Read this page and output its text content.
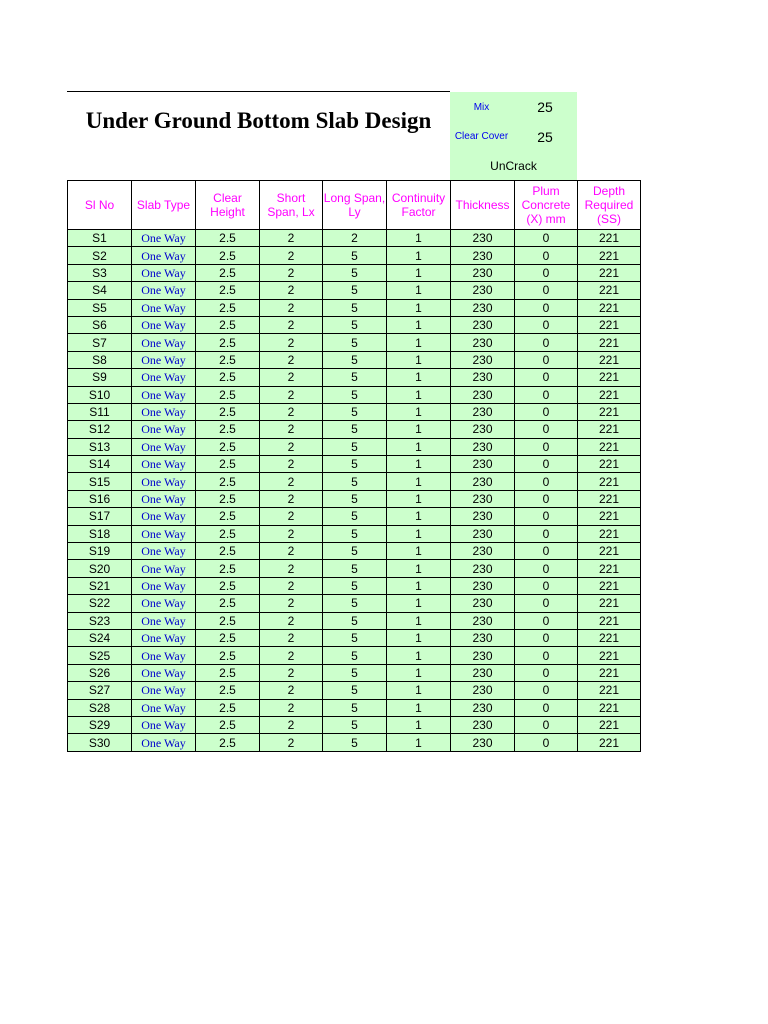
Under Ground Bottom Slab Design
Mix	25
Clear Cover	25
UnCrack
Sl No	Slab Type	Clear Height	Short Span, Lx	Long Span, Ly	Continuity Factor	Thickness	Plum Concrete (X) mm	Depth Required (SS)
S1	One Way	2.5	2	2	1	230	0	221
S2	One Way	2.5	2	5	1	230	0	221
S3	One Way	2.5	2	5	1	230	0	221
S4	One Way	2.5	2	5	1	230	0	221
S5	One Way	2.5	2	5	1	230	0	221
S6	One Way	2.5	2	5	1	230	0	221
S7	One Way	2.5	2	5	1	230	0	221
S8	One Way	2.5	2	5	1	230	0	221
S9	One Way	2.5	2	5	1	230	0	221
S10	One Way	2.5	2	5	1	230	0	221
S11	One Way	2.5	2	5	1	230	0	221
S12	One Way	2.5	2	5	1	230	0	221
S13	One Way	2.5	2	5	1	230	0	221
S14	One Way	2.5	2	5	1	230	0	221
S15	One Way	2.5	2	5	1	230	0	221
S16	One Way	2.5	2	5	1	230	0	221
S17	One Way	2.5	2	5	1	230	0	221
S18	One Way	2.5	2	5	1	230	0	221
S19	One Way	2.5	2	5	1	230	0	221
S20	One Way	2.5	2	5	1	230	0	221
S21	One Way	2.5	2	5	1	230	0	221
S22	One Way	2.5	2	5	1	230	0	221
S23	One Way	2.5	2	5	1	230	0	221
S24	One Way	2.5	2	5	1	230	0	221
S25	One Way	2.5	2	5	1	230	0	221
S26	One Way	2.5	2	5	1	230	0	221
S27	One Way	2.5	2	5	1	230	0	221
S28	One Way	2.5	2	5	1	230	0	221
S29	One Way	2.5	2	5	1	230	0	221
S30	One Way	2.5	2	5	1	230	0	221
